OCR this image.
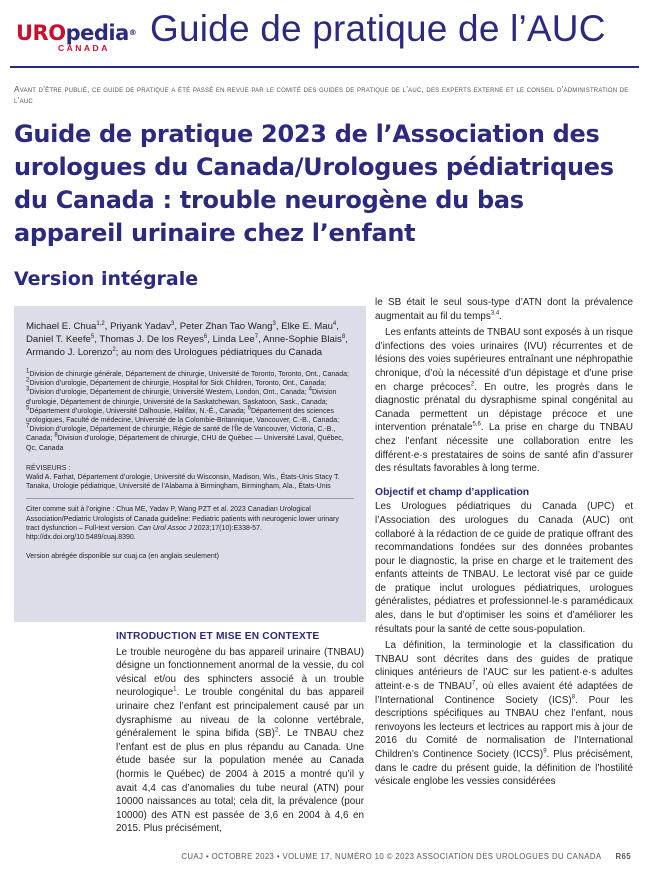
UROpedia®
CANADA Guide de pratique de l’AUC
Avant d’être publié, ce guide de pratique a été passé en revue par le comité des guides de pratique de l’auc, des experts externe et le conseil d’administration de l’auc
Guide de pratique 2023 de l’Association des urologues du Canada/Urologues pédiatriques du Canada : trouble neurogène du bas appareil urinaire chez l’enfant
Version intégrale
Michael E. Chua$^{1,2}$, Priyank Yadav$^3$, Peter Zhan Tao Wang$^3$, Elke E. Mau$^4$, Daniel T. Keefe$^5$, Thomas J. De los Reyes$^6$, Linda Lee$^7$, Anne-Sophie Blais$^8$, Armando J. Lorenzo$^2$; au nom des Urologues pédiatriques du Canada
$^1$Division de chirurgie générale, Département de chirurgie, Université de Toronto, Toronto, Ont., Canada; $^2$Division d’urologie, Département de chirurgie, Hospital for Sick Children, Toronto, Ont., Canada; $^3$Division d’urologie, Département de chirurgie, Université Western, London, Ont., Canada; $^4$Division d’urologie, Département de chirurgie, Université de la Saskatchewan, Saskatoon, Sask., Canada; $^5$Département d’urologie, Université Dalhousie, Halifax, N.-É., Canada; $^6$Département des sciences urologiques, Faculté de médecine, Université de la Colombie-Britannique, Vancouver, C.-B., Canada; $^7$Division d’urologie, Département de chirurgie, Régie de santé de l’Île de Vancouver, Victoria, C.-B., Canada; $^8$Division d’urologie, Département de chirurgie, CHU de Québec — Université Laval, Québec, Qc, Canada
RÉVISEURS :
Walid A. Farhat, Département d’urologie, Université du Wisconsin, Madison, Wis., États-Unis Stacy T. Tanaka, Urologie pédiatrique, Université de l’Alabama à Birmingham, Birmingham, Ala., États-Unis
Citer comme suit à l’origine : Chua ME, Yadav P, Wang PZT et al. 2023 Canadian Urological Association/Pediatric Urologists of Canada guideline: Pediatric patients with neurogenic lower urinary tract dysfunction – Full-text version. Can Urol Assoc J 2023;17(10):E338-57. http://dx.doi.org/10.5489/cuaj.8390.
Version abrégée disponible sur cuaj.ca (en anglais seulement)

le SB était le seul sous-type d’ATN dont la prévalence augmentait au fil du temps$^{3,4}$.

Les enfants atteints de TNBAU sont exposés à un risque d’infections des voies urinaires (IVU) récurrentes et de lésions des voies supérieures entraînant une néphropathie chronique, d’où la nécessité d’un dépistage et d’une prise en charge précoces$^2$. En outre, les progrès dans le diagnostic prénatal du dysraphisme spinal congénital au Canada permettent un dépistage précoce et une intervention prénatale$^{5,6}$. La prise en charge du TNBAU chez l’enfant nécessite une collaboration entre les différent·e·s prestataires de soins de santé afin d’assurer des résultats favorables à long terme.

Objectif et champ d’application

Les Urologues pédiatriques du Canada (UPC) et l’Association des urologues du Canada (AUC) ont collaboré à la rédaction de ce guide de pratique offrant des recommandations fondées sur des données probantes pour le diagnostic, la prise en charge et le traitement des enfants atteints de TNBAU. Le lectorat visé par ce guide de pratique inclut urologues pédiatriques, urologues généralistes, pédiatres et professionnel·le·s paramédicaux ales, dans le but d’optimiser les soins et d’améliorer les résultats pour la santé de cette sous-population.

La définition, la terminologie et la classification du TNBAU sont décrites dans des guides de pratique cliniques antérieurs de l’AUC sur les patient·e·s adultes atteint·e·s de TNBAU$^7$, où elles avaient été adaptées de l’International Continence Society (ICS)$^8$. Pour les descriptions spécifiques au TNBAU chez l’enfant, nous renvoyons les lecteurs et lectrices au rapport mis à jour de 2016 du Comité de normalisation de l’International Children’s Continence Society (ICCS)$^9$. Plus précisément, dans le cadre du présent guide, la définition de l’hostilité vésicale englobe les vessies considérées

INTRODUCTION ET MISE EN CONTEXTE

Le trouble neurogène du bas appareil urinaire (TNBAU) désigne un fonctionnement anormal de la vessie, du col vésical et/ou des sphincters associé à un trouble neurologique$^1$. Le trouble congénital du bas appareil urinaire chez l’enfant est principalement causé par un dysraphisme au niveau de la colonne vertébrale, généralement le spina bifida (SB)$^2$. Le TNBAU chez l’enfant est de plus en plus répandu au Canada. Une étude basée sur la population menée au Canada (hormis le Québec) de 2004 à 2015 a montré qu’il y avait 4,4 cas d’anomalies du tube neural (ATN) pour 10000 naissances au total; cela dit, la prévalence (pour 10000) des ATN est passée de 3,6 en 2004 à 4,6 en 2015. Plus précisément,

CUAJ • OCTOBRE 2023 • VOLUME 17, NUMÉRO 10 © 2023 ASSOCIATION DES UROLOGUES DU CANADA R65
